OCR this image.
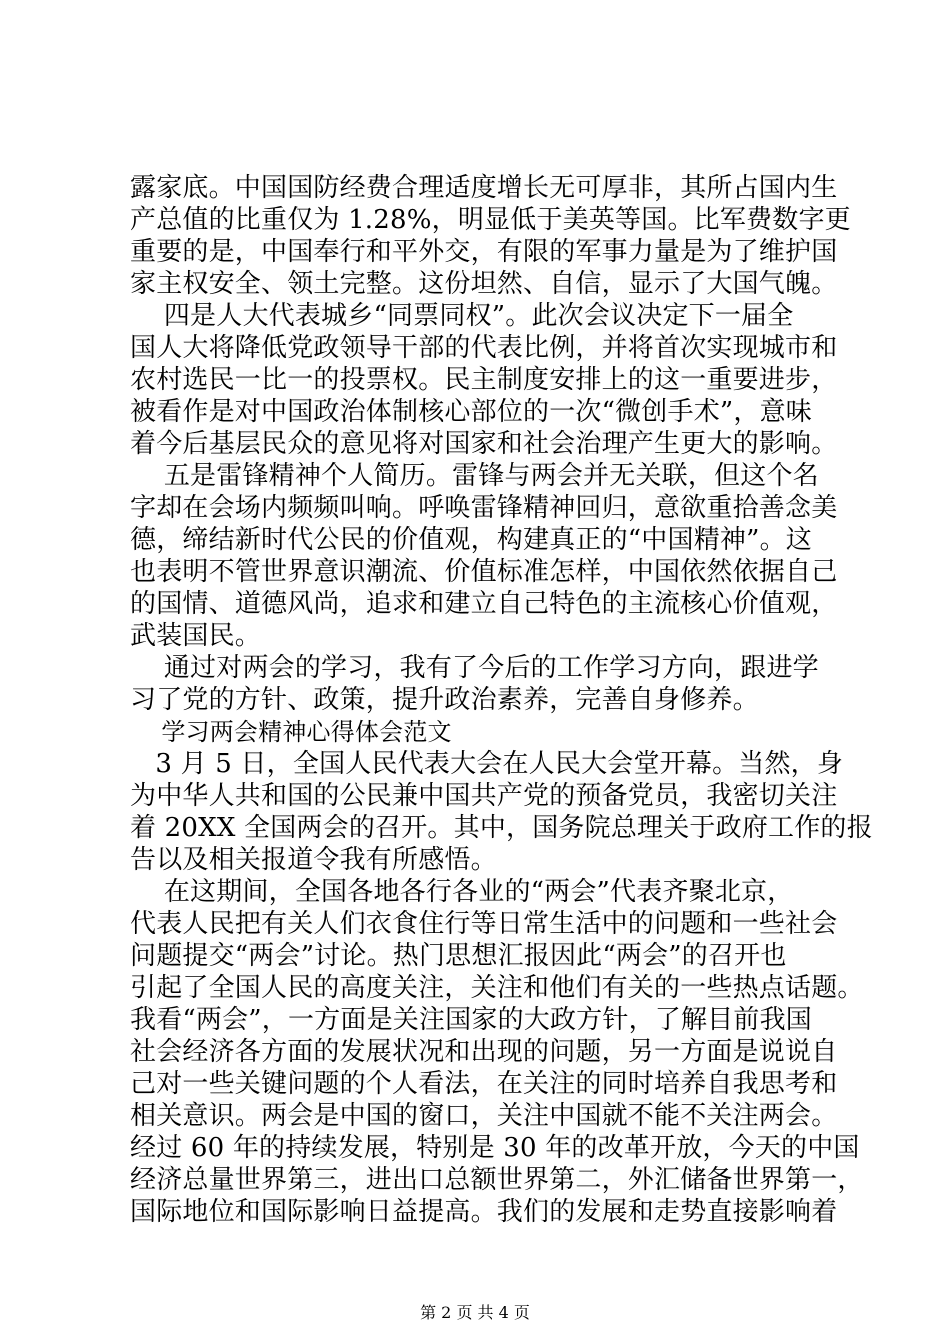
露家底。中国国防经费合理适度增长无可厚非，其所占国内生
产总值的比重仅为 1.28%，明显低于美英等国。比军费数字更
重要的是，中国奉行和平外交，有限的军事力量是为了维护国
家主权安全、领土完整。这份坦然、自信，显示了大国气魄。
四是人大代表城乡“同票同权”。此次会议决定下一届全
国人大将降低党政领导干部的代表比例，并将首次实现城市和
农村选民一比一的投票权。民主制度安排上的这一重要进步，
被看作是对中国政治体制核心部位的一次“微创手术”，意味
着今后基层民众的意见将对国家和社会治理产生更大的影响。
五是雷锋精神个人简历。雷锋与两会并无关联，但这个名
字却在会场内频频叫响。呼唤雷锋精神回归，意欲重拾善念美
德，缔结新时代公民的价值观，构建真正的“中国精神”。这
也表明不管世界意识潮流、价值标准怎样，中国依然依据自己
的国情、道德风尚，追求和建立自己特色的主流核心价值观，
武装国民。
通过对两会的学习，我有了今后的工作学习方向，跟进学
习了党的方针、政策，提升政治素养，完善自身修养。
学习两会精神心得体会范文
3 月 5 日，全国人民代表大会在人民大会堂开幕。当然，身
为中华人共和国的公民兼中国共产党的预备党员，我密切关注
着 20XX 全国两会的召开。其中，国务院总理关于政府工作的报
告以及相关报道令我有所感悟。
在这期间，全国各地各行各业的“两会”代表齐聚北京，
代表人民把有关人们衣食住行等日常生活中的问题和一些社会
问题提交“两会”讨论。热门思想汇报因此“两会”的召开也
引起了全国人民的高度关注，关注和他们有关的一些热点话题。
我看“两会”，一方面是关注国家的大政方针，了解目前我国
社会经济各方面的发展状况和出现的问题，另一方面是说说自
己对一些关键问题的个人看法，在关注的同时培养自我思考和
相关意识。两会是中国的窗口，关注中国就不能不关注两会。
经过 60 年的持续发展，特别是 30 年的改革开放，今天的中国
经济总量世界第三，进出口总额世界第二，外汇储备世界第一，
国际地位和国际影响日益提高。我们的发展和走势直接影响着
第 2 页 共 4 页
